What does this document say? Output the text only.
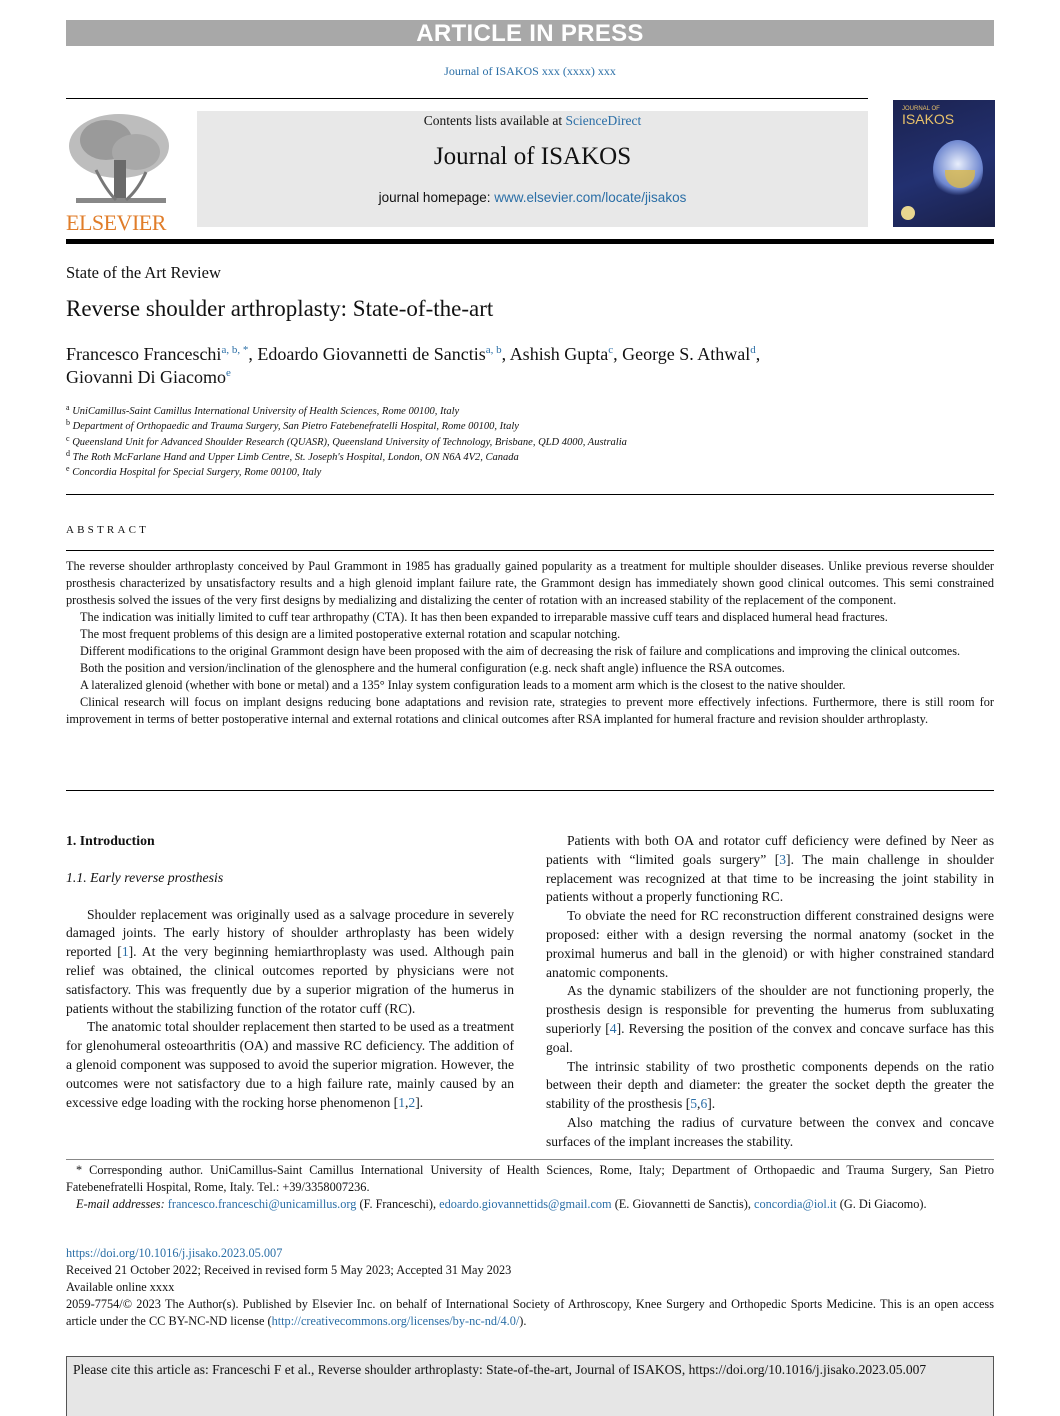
ARTICLE IN PRESS
Journal of ISAKOS xxx (xxxx) xxx
ELSEVIER
Contents lists available at ScienceDirect
Journal of ISAKOS
journal homepage: www.elsevier.com/locate/jisakos
JOURNAL OF
ISAKOS
State of the Art Review
Reverse shoulder arthroplasty: State-of-the-art
Francesco Franceschi$^{a, b, *}$, Edoardo Giovannetti de Sanctis$^{a, b}$, Ashish Gupta$^c$, George S. Athwal$^d$,
Giovanni Di Giacomo$^e$
$^a$ UniCamillus-Saint Camillus International University of Health Sciences, Rome 00100, Italy
$^b$ Department of Orthopaedic and Trauma Surgery, San Pietro Fatebenefratelli Hospital, Rome 00100, Italy
$^c$ Queensland Unit for Advanced Shoulder Research (QUASR), Queensland University of Technology, Brisbane, QLD 4000, Australia
$^d$ The Roth McFarlane Hand and Upper Limb Centre, St. Joseph's Hospital, London, ON N6A 4V2, Canada
$^e$ Concordia Hospital for Special Surgery, Rome 00100, Italy
ABSTRACT

The reverse shoulder arthroplasty conceived by Paul Grammont in 1985 has gradually gained popularity as a treatment for multiple shoulder diseases. Unlike previous reverse shoulder prosthesis characterized by unsatisfactory results and a high glenoid implant failure rate, the Grammont design has immediately shown good clinical outcomes. This semi constrained prosthesis solved the issues of the very first designs by medializing and distalizing the center of rotation with an increased stability of the replacement of the component.

The indication was initially limited to cuff tear arthropathy (CTA). It has then been expanded to irreparable massive cuff tears and displaced humeral head fractures.

The most frequent problems of this design are a limited postoperative external rotation and scapular notching.

Different modifications to the original Grammont design have been proposed with the aim of decreasing the risk of failure and complications and improving the clinical outcomes.

Both the position and version/inclination of the glenosphere and the humeral configuration (e.g. neck shaft angle) influence the RSA outcomes.

A lateralized glenoid (whether with bone or metal) and a 135° Inlay system configuration leads to a moment arm which is the closest to the native shoulder.

Clinical research will focus on implant designs reducing bone adaptations and revision rate, strategies to prevent more effectively infections. Furthermore, there is still room for improvement in terms of better postoperative internal and external rotations and clinical outcomes after RSA implanted for humeral fracture and revision shoulder arthroplasty.

1. Introduction
1.1. Early reverse prosthesis

Shoulder replacement was originally used as a salvage procedure in severely damaged joints. The early history of shoulder arthroplasty has been widely reported [1]. At the very beginning hemiarthroplasty was used. Although pain relief was obtained, the clinical outcomes reported by physicians were not satisfactory. This was frequently due by a superior migration of the humerus in patients without the stabilizing function of the rotator cuff (RC).

The anatomic total shoulder replacement then started to be used as a treatment for glenohumeral osteoarthritis (OA) and massive RC deficiency. The addition of a glenoid component was supposed to avoid the superior migration. However, the outcomes were not satisfactory due to a high failure rate, mainly caused by an excessive edge loading with the rocking horse phenomenon [1,2].

Patients with both OA and rotator cuff deficiency were defined by Neer as patients with “limited goals surgery” [3]. The main challenge in shoulder replacement was recognized at that time to be increasing the joint stability in patients without a properly functioning RC.

To obviate the need for RC reconstruction different constrained designs were proposed: either with a design reversing the normal anatomy (socket in the proximal humerus and ball in the glenoid) or with higher constrained standard anatomic components.

As the dynamic stabilizers of the shoulder are not functioning properly, the prosthesis design is responsible for preventing the humerus from subluxating superiorly [4]. Reversing the position of the convex and concave surface has this goal.

The intrinsic stability of two prosthetic components depends on the ratio between their depth and diameter: the greater the socket depth the greater the stability of the prosthesis [5,6].

Also matching the radius of curvature between the convex and concave surfaces of the implant increases the stability.

* Corresponding author. UniCamillus-Saint Camillus International University of Health Sciences, Rome, Italy; Department of Orthopaedic and Trauma Surgery, San Pietro Fatebenefratelli Hospital, Rome, Italy. Tel.: +39/3358007236.

E-mail addresses: francesco.franceschi@unicamillus.org (F. Franceschi), edoardo.giovannettids@gmail.com (E. Giovannetti de Sanctis), concordia@iol.it (G. Di Giacomo).

https://doi.org/10.1016/j.jisako.2023.05.007
Received 21 October 2022; Received in revised form 5 May 2023; Accepted 31 May 2023
Available online xxxx
2059-7754/© 2023 The Author(s). Published by Elsevier Inc. on behalf of International Society of Arthroscopy, Knee Surgery and Orthopedic Sports Medicine. This is an open access article under the CC BY-NC-ND license (http://creativecommons.org/licenses/by-nc-nd/4.0/).
Please cite this article as: Franceschi F et al., Reverse shoulder arthroplasty: State-of-the-art, Journal of ISAKOS, https://doi.org/10.1016/j.jisako.2023.05.007
